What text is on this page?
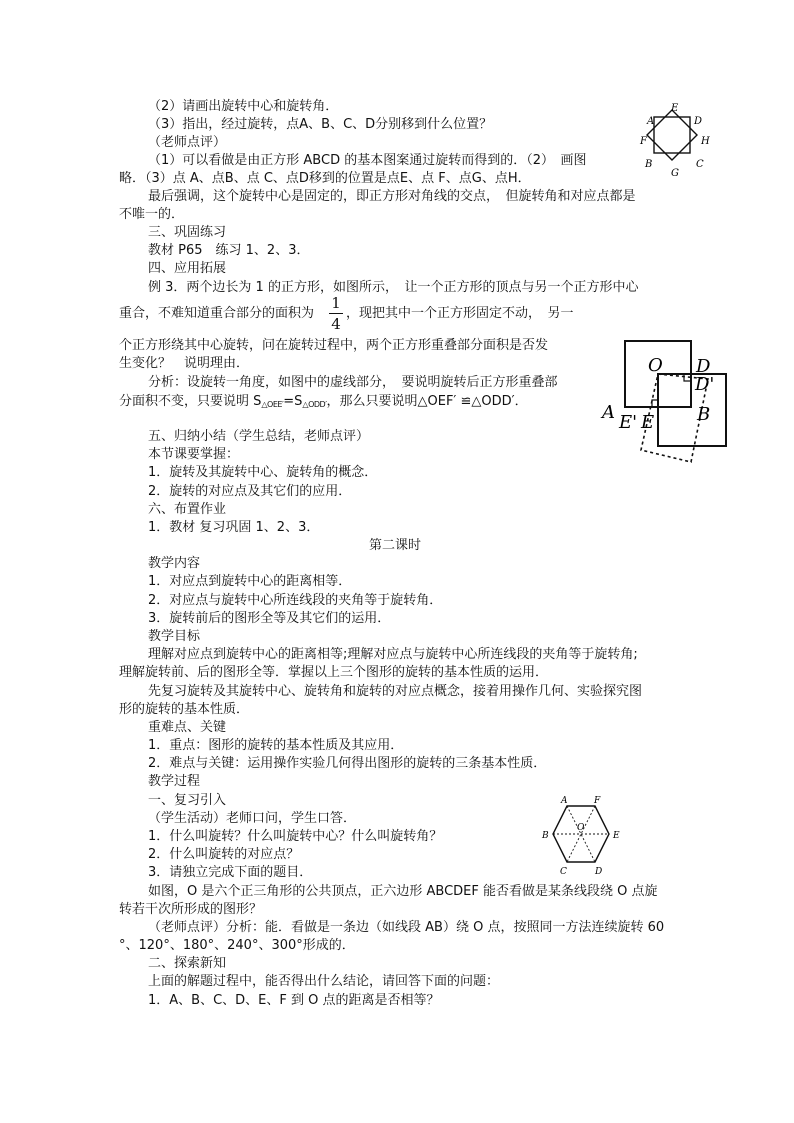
（2）请画出旋转中心和旋转角．
（3）指出，经过旋转，点A、B、C、D分别移到什么位置？
（老师点评）
（1）可以看做是由正方形 ABCD 的基本图案通过旋转而得到的．（2）　画图
略．（3）点 A、点B、点 C、点D移到的位置是点E、点 F、点G、点H．
最后强调，这个旋转中心是固定的，即正方形对角线的交点，　但旋转角和对应点都是
不唯一的．
三、巩固练习
教材 P65　练习 1、2、3．
四、应用拓展
例 3．两个边长为 1 的正方形，如图所示，　让一个正方形的顶点与另一个正方形中心
重合，不难知道重合部分的面积为
1
4
，现把其中一个正方形固定不动，　另一
个正方形绕其中心旋转，问在旋转过程中，两个正方形重叠部分面积是否发
生变化？　说明理由．
分析：设旋转一角度，如图中的虚线部分，　要说明旋转后正方形重叠部
分面积不变，只要说明 $S_{\triangle OEE'}=S_{\triangle ODD'}$，那么只要说明△OEF′ ≌△ODD′．
五、归纳小结（学生总结，老师点评）
本节课要掌握：
1．旋转及其旋转中心、旋转角的概念．
2．旋转的对应点及其它们的应用．
六、布置作业
1．教材 复习巩固 1、2、3．
第二课时
教学内容
1．对应点到旋转中心的距离相等．
2．对应点与旋转中心所连线段的夹角等于旋转角．
3．旋转前后的图形全等及其它们的运用．
教学目标
理解对应点到旋转中心的距离相等;理解对应点与旋转中心所连线段的夹角等于旋转角;
理解旋转前、后的图形全等．掌握以上三个图形的旋转的基本性质的运用．
先复习旋转及其旋转中心、旋转角和旋转的对应点概念，接着用操作几何、实验探究图
形的旋转的基本性质．
重难点、关键
1．重点：图形的旋转的基本性质及其应用．
2．难点与关键：运用操作实验几何得出图形的旋转的三条基本性质．
教学过程
一、复习引入
（学生活动）老师口问，学生口答．
1．什么叫旋转？什么叫旋转中心？什么叫旋转角？
2．什么叫旋转的对应点？
3．请独立完成下面的题目．
如图，O 是六个正三角形的公共顶点，正六边形 ABCDEF 能否看做是某条线段绕 O 点旋
转若干次所形成的图形？
（老师点评）分析：能．看做是一条边（如线段 AB）绕 O 点，按照同一方法连续旋转 60
°、120°、180°、240°、300°形成的．
二、探索新知
上面的解题过程中，能否得出什么结论，请回答下面的问题：
1．A、B、C、D、E、F 到 O 点的距离是否相等？
A
E
D
F	H
B
G
C
O D
D'
A E' E B
A	F
B
O
E
C	D
